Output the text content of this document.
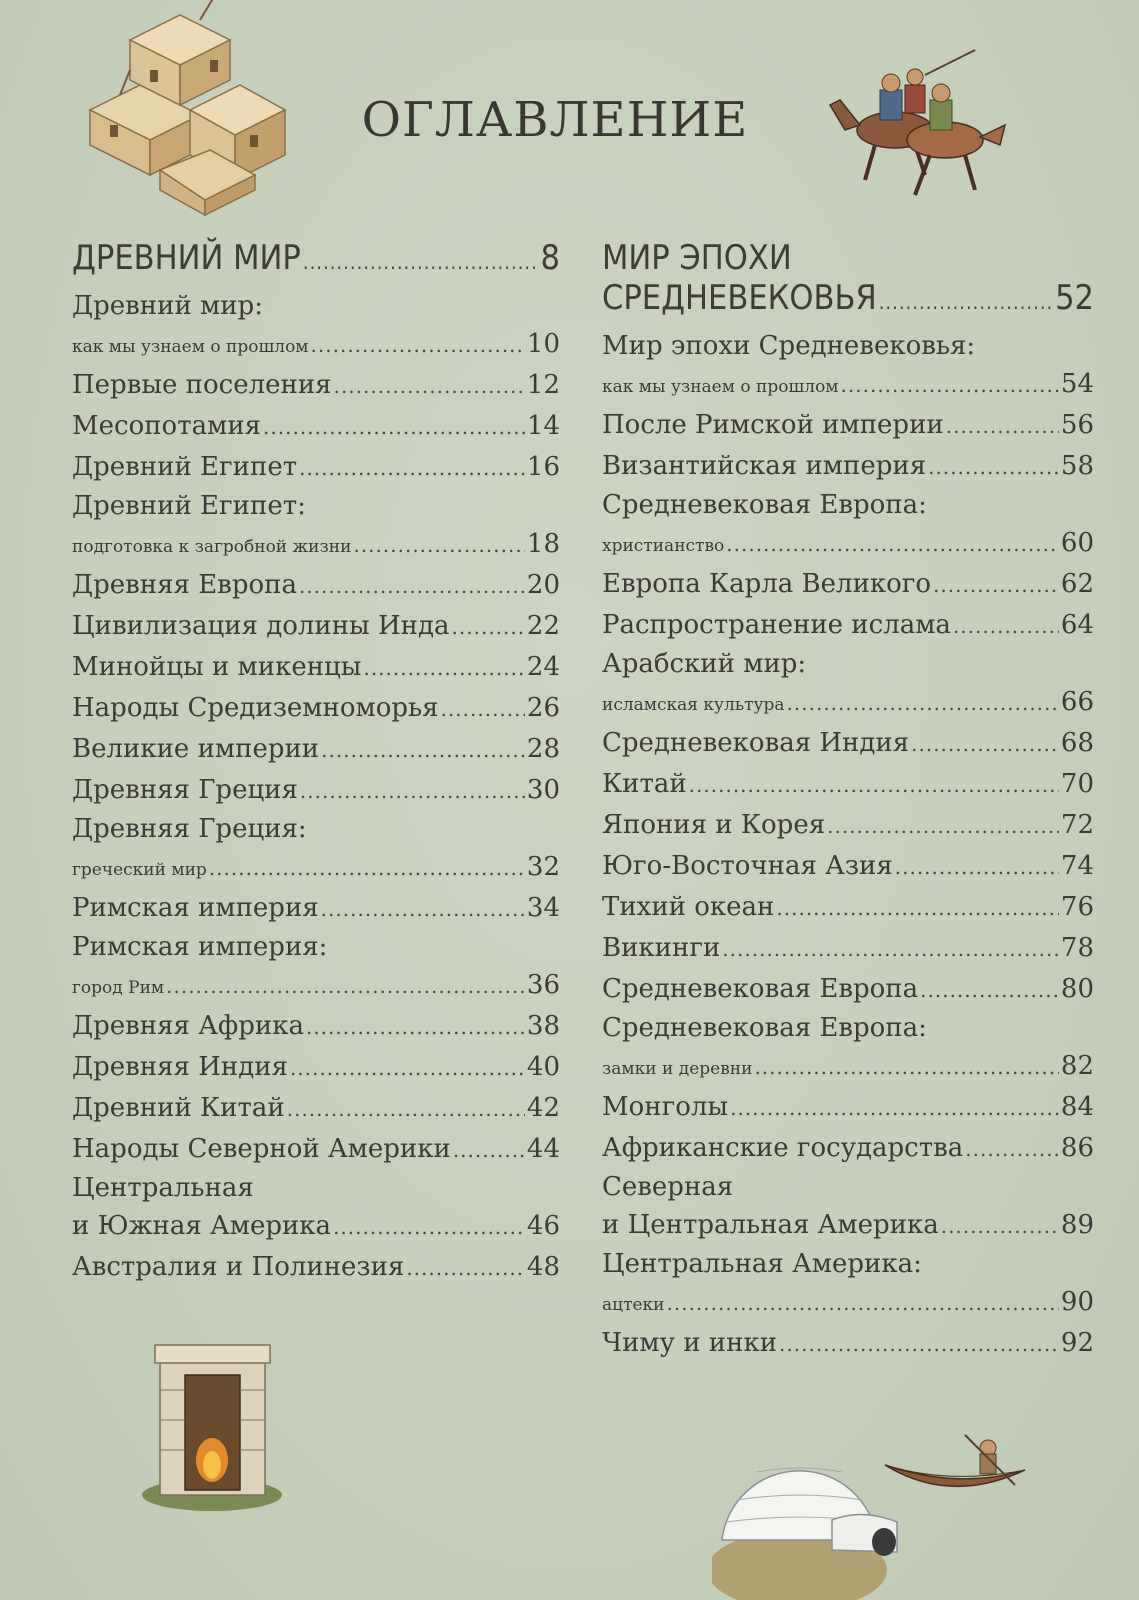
ОГЛАВЛЕНИЕ
ДРЕВНИЙ МИР .....	8
Древний мир:
как мы узнаем о прошлом .....	10
Первые поселения .....	12
Месопотамия .....	14
Древний Египет .....	16
Древний Египет:
подготовка к загробной жизни .....	18
Древняя Европа .....	20
Цивилизация долины Инда .....	22
Минойцы и микенцы .....	24
Народы Средиземноморья .....	26
Великие империи .....	28
Древняя Греция .....	30
Древняя Греция:
греческий мир .....	32
Римская империя .....	34
Римская империя:
город Рим .....	36
Древняя Африка .....	38
Древняя Индия .....	40
Древний Китай .....	42
Народы Северной Америки .....	44
Центральная
и Южная Америка .....	46
Австралия и Полинезия .....	48
МИР ЭПОХИ
СРЕДНЕВЕКОВЬЯ .....	52
Мир эпохи Средневековья:
как мы узнаем о прошлом .....	54
После Римской империи .....	56
Византийская империя .....	58
Средневековая Европа:
христианство .....	60
Европа Карла Великого .....	62
Распространение ислама .....	64
Арабский мир:
исламская культура .....	66
Средневековая Индия .....	68
Китай .....	70
Япония и Корея .....	72
Юго-Восточная Азия .....	74
Тихий океан .....	76
Викинги .....	78
Средневековая Европа .....	80
Средневековая Европа:
замки и деревни .....	82
Монголы .....	84
Африканские государства .....	86
Северная
и Центральная Америка .....	89
Центральная Америка:
ацтеки .....	90
Чиму и инки .....	92
